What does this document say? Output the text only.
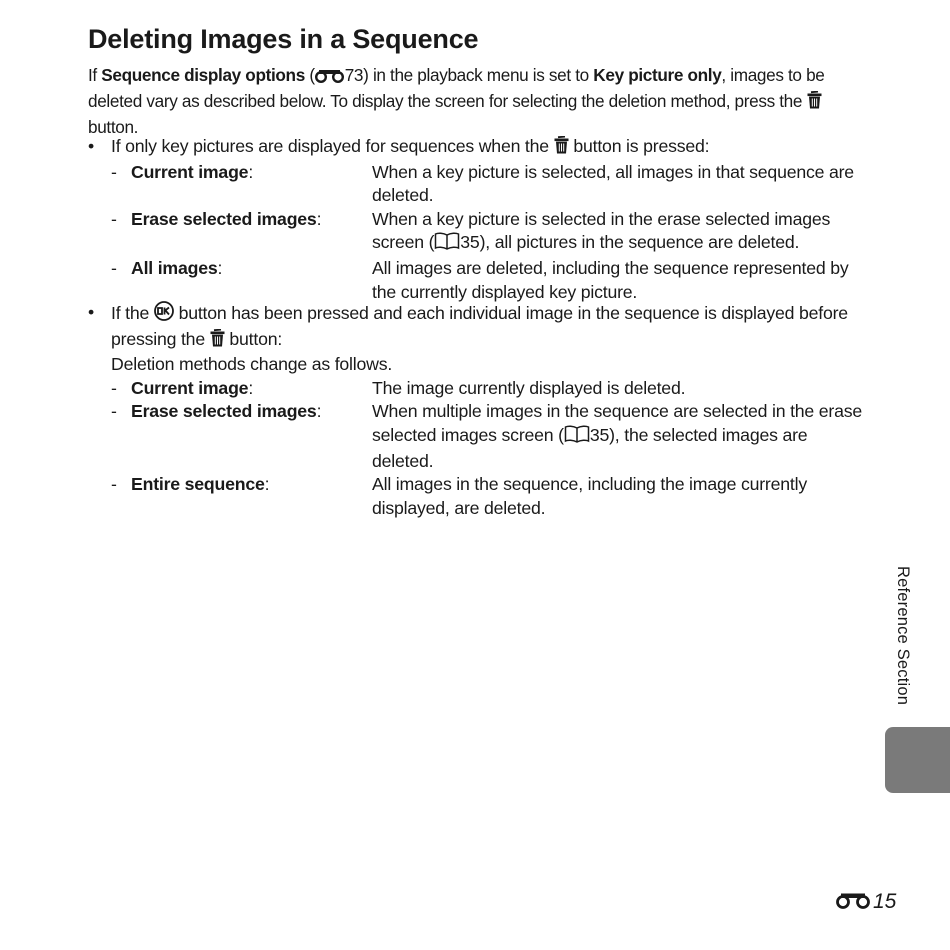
Deleting Images in a Sequence
If Sequence display options ( 73) in the playback menu is set to Key picture only, images to be deleted vary as described below. To display the screen for selecting the deletion method, press the  button.
• If only key pictures are displayed for sequences when the  button is pressed:
- Current image:	When a key picture is selected, all images in that sequence are deleted.
- Erase selected images:	When a key picture is selected in the erase selected images screen ( 35), all pictures in the sequence are deleted.
- All images:	All images are deleted, including the sequence represented by the currently displayed key picture.
• If the  button has been pressed and each individual image in the sequence is displayed before pressing the  button:
Deletion methods change as follows.
- Current image:	The image currently displayed is deleted.
- Erase selected images:	When multiple images in the sequence are selected in the erase selected images screen ( 35), the selected images are deleted.
- Entire sequence:	All images in the sequence, including the image currently displayed, are deleted.
Reference Section
15
